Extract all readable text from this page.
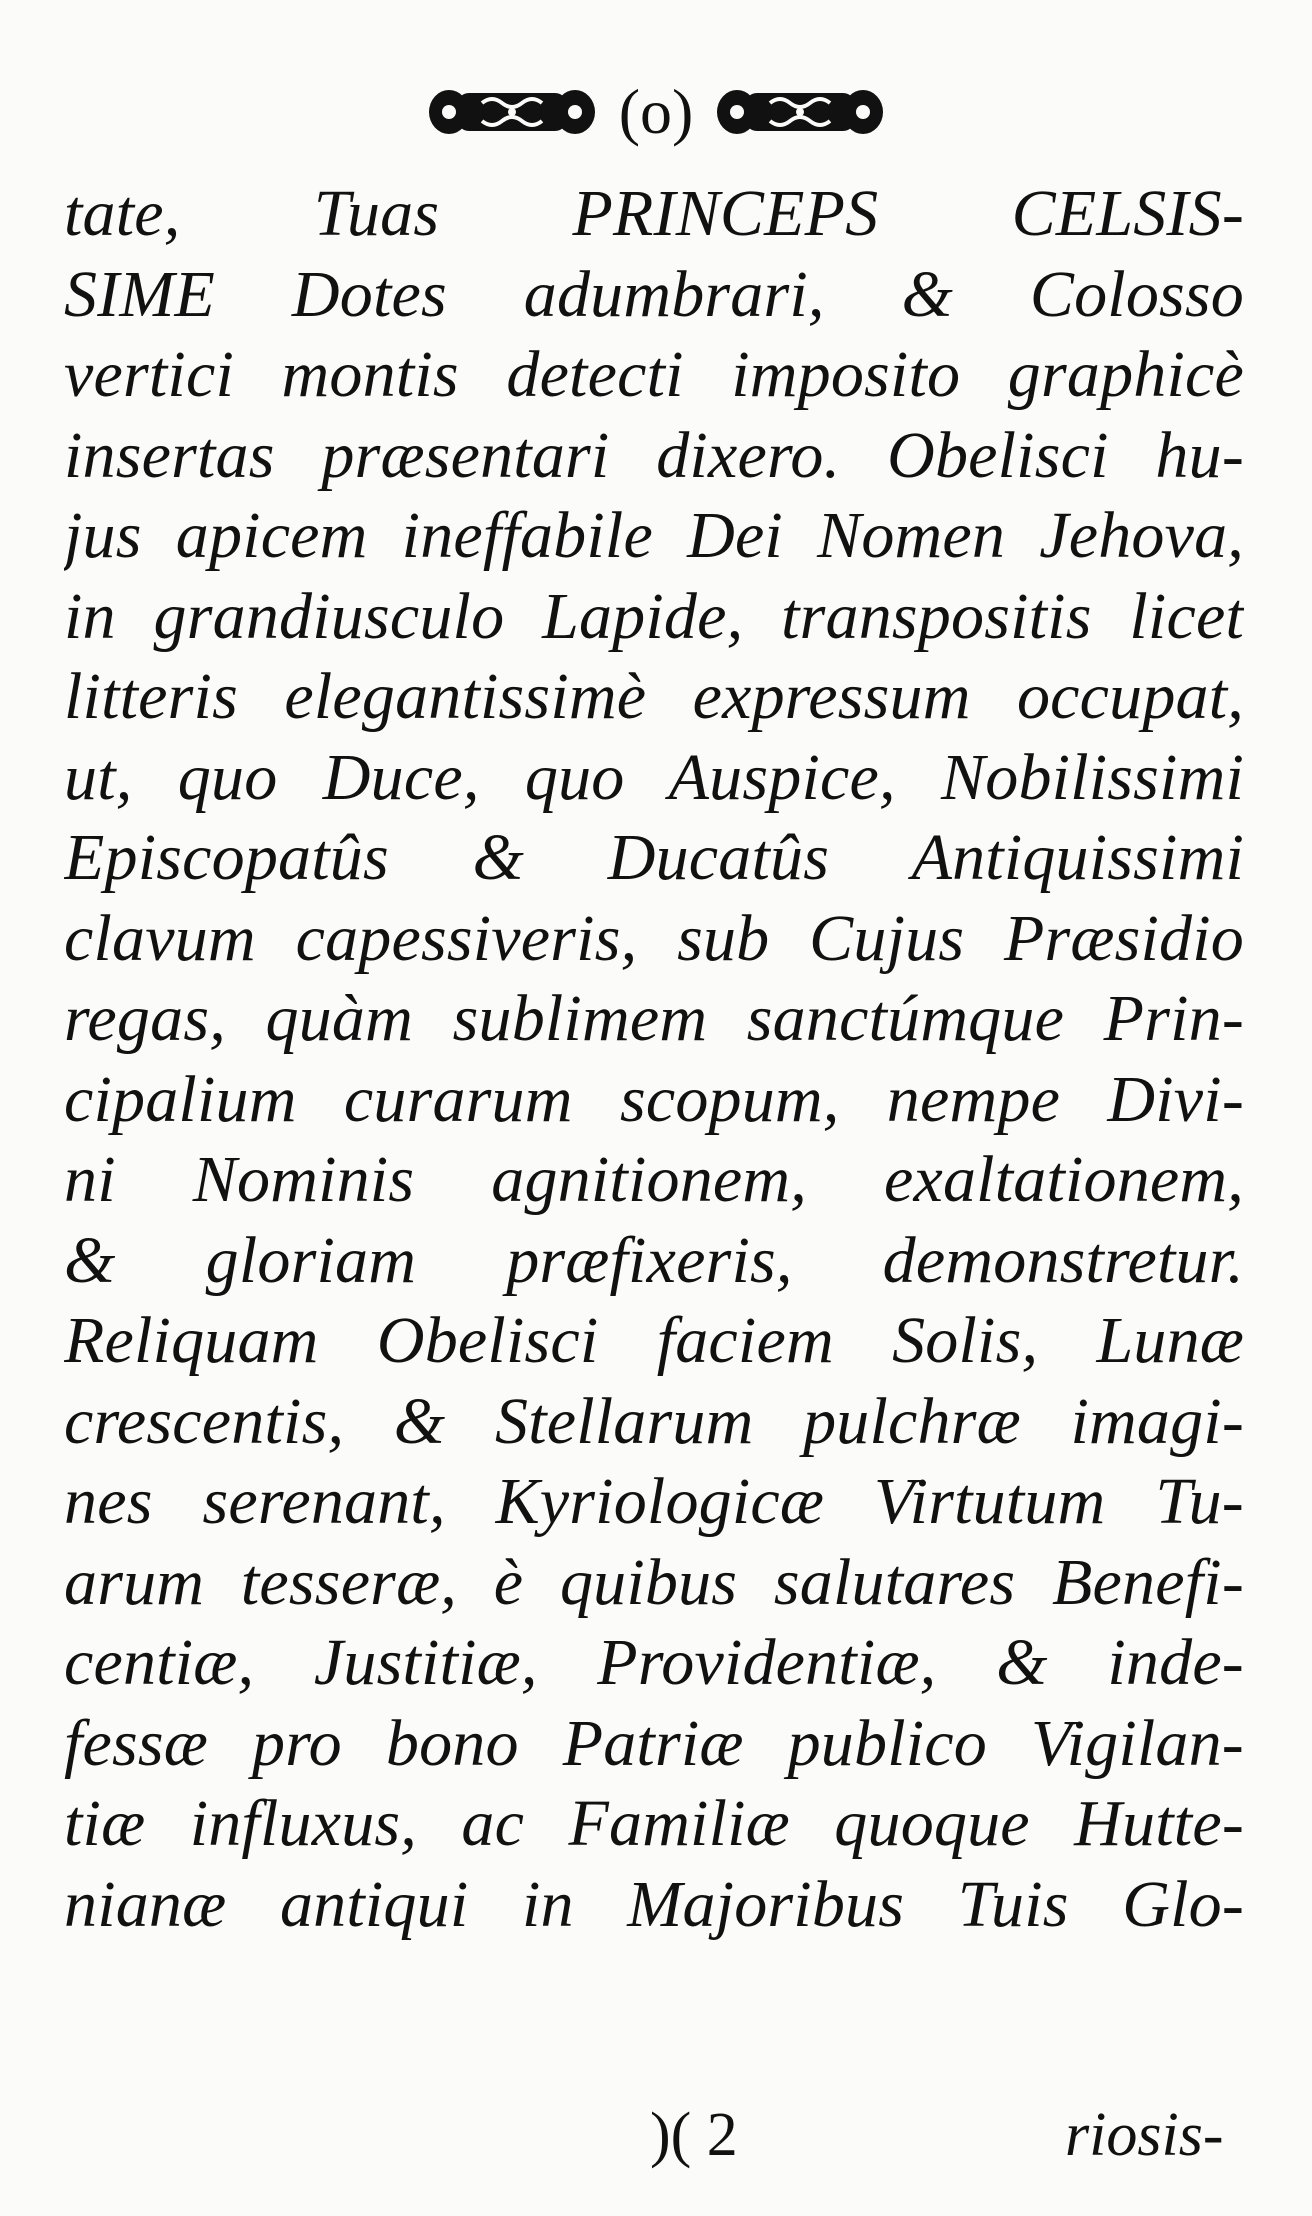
(o)
tate, Tuas PRINCEPS CELSIS-
SIME Dotes adumbrari, & Colosso
vertici montis detecti imposito graphicè
insertas præsentari dixero. Obelisci hu-
jus apicem ineffabile Dei Nomen Jehova,
in grandiusculo Lapide, transpositis licet
litteris elegantissimè expressum occupat,
ut, quo Duce, quo Auspice, Nobilissimi
Episcopatûs & Ducatûs Antiquissimi
clavum capessiveris, sub Cujus Præsidio
regas, quàm sublimem sanctúmque Prin-
cipalium curarum scopum, nempe Divi-
ni Nominis agnitionem, exaltationem,
& gloriam præfixeris, demonstretur.
Reliquam Obelisci faciem Solis, Lunæ
crescentis, & Stellarum pulchræ imagi-
nes serenant, Kyriologicæ Virtutum Tu-
arum tesseræ, è quibus salutares Benefi-
centiæ, Justitiæ, Providentiæ, & inde-
fessæ pro bono Patriæ publico Vigilan-
tiæ influxus, ac Familiæ quoque Hutte-
nianæ antiqui in Majoribus Tuis Glo-
)( 2	riosis-
